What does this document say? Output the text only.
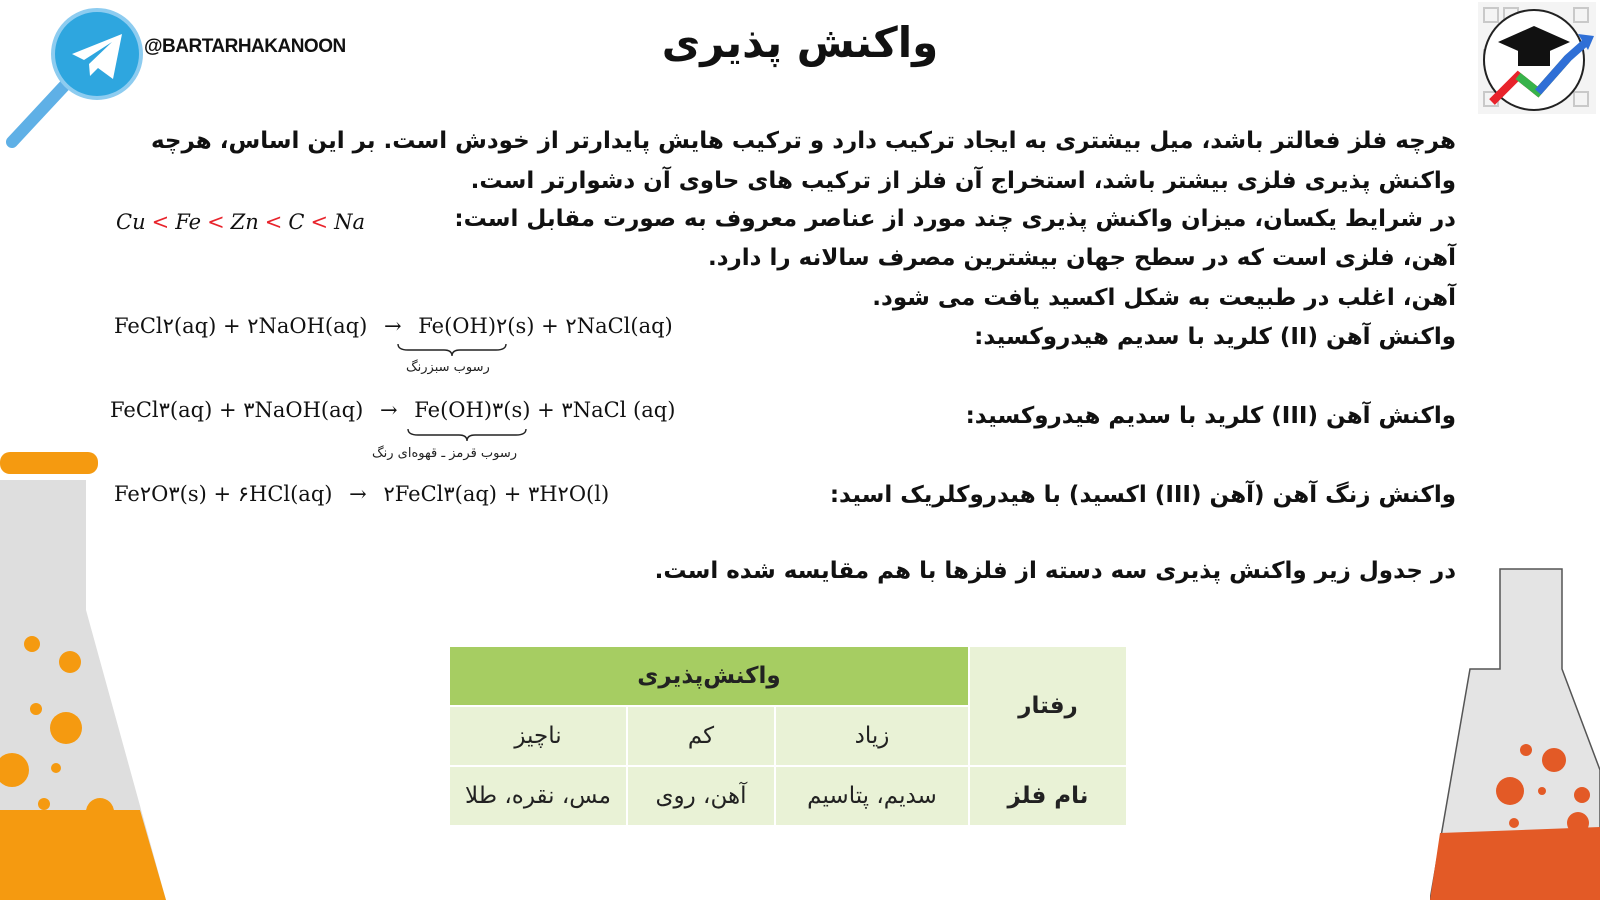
@BARTARHAKANOON	واکنش پذیری
هرچه فلز فعالتر باشد، میل بیشتری به ایجاد ترکیب دارد و ترکیب هایش پایدارتر از خودش است. بر این اساس، هرچه
واکنش پذیری فلزی بیشتر باشد، استخراج آن فلز از ترکیب های حاوی آن دشوارتر است.
در شرایط یکسان، میزان واکنش پذیری چند مورد از عناصر معروف به صورت مقابل است:
آهن، فلزی است که در سطح جهان بیشترین مصرف سالانه را دارد.
آهن، اغلب در طبیعت به شکل اکسید یافت می شود.
واکنش آهن (II) کلرید با سدیم هیدروکسید:
واکنش آهن (III) کلرید با سدیم هیدروکسید:
واکنش زنگ آهن (آهن (III) اکسید) با هیدروکلریک اسید:
در جدول زیر واکنش پذیری سه دسته از فلزها با هم مقایسه شده است.
Cu < Fe < Zn < C < Na
FeCl۲(aq) + ۲NaOH(aq) → Fe(OH)۲(s) + ۲NaCl(aq)
رسوب سبزرنگ
FeCl۳(aq) + ۳NaOH(aq) → Fe(OH)۳(s) + ۳NaCl (aq)
رسوب قرمز ـ قهوه‌ای رنگ
Fe۲O۳(s) + ۶HCl(aq) → ۲FeCl۳(aq) + ۳H۲O(l)
رفتار	واکنش‌پذیری		
	زیاد	کم	ناچیز
نام فلز	سدیم، پتاسیم	آهن، روی	مس، نقره، طلا
